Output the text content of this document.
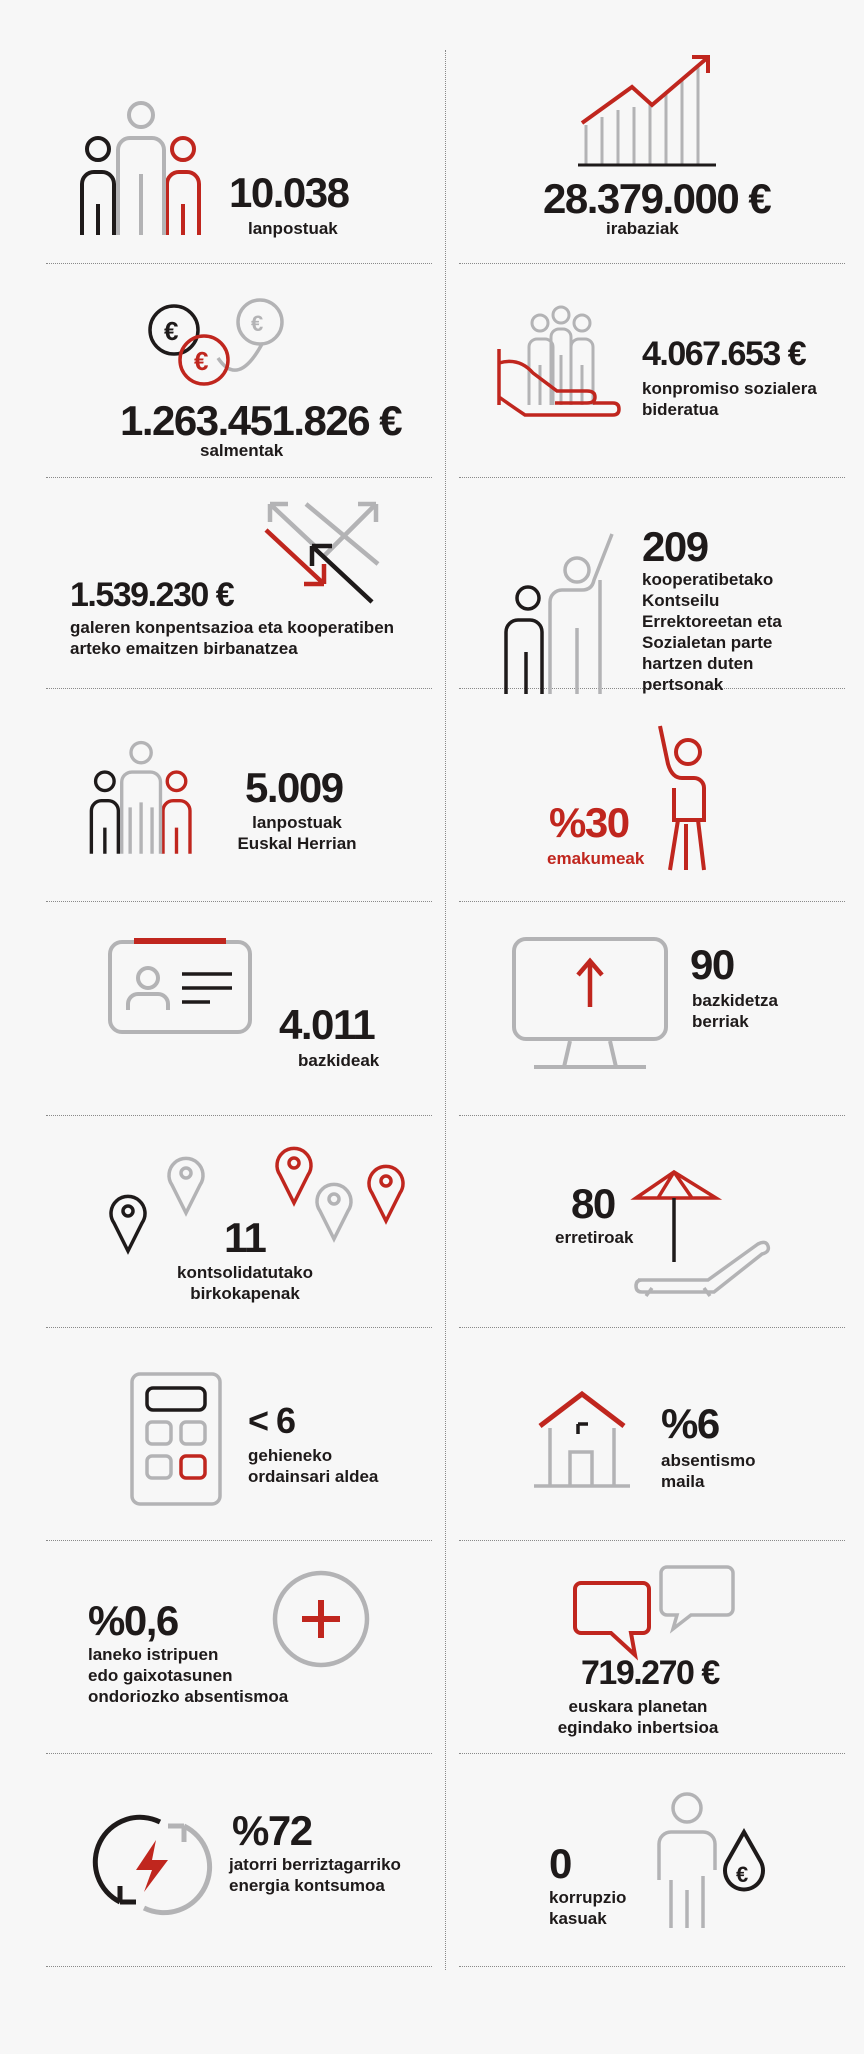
10.038
lanpostuak
28.379.000 €
irabaziak
€
€
€
1.263.451.826 €
salmentak
4.067.653 €
konpromiso sozialera
bideratua
1.539.230 €
galeren konpentsazioa eta kooperatiben
arteko emaitzen birbanatzea
209
kooperatibetako
Kontseilu
Errektoreetan eta
Sozialetan parte
hartzen duten
pertsonak
5.009
lanpostuak
Euskal Herrian	%30
emakumeak
4.011
bazkideak
90
bazkidetza
berriak
11
kontsolidatutako
birkokapenak
80
erretiroak
< 6
gehieneko
ordainsari aldea
%6
absentismo
maila
%0,6
laneko istripuen
edo gaixotasunen
ondoriozko absentismoa
719.270 €
euskara planetan
egindako inbertsioa
%72
jatorri berriztagarriko
energia kontsumoa	€
0
korrupzio
kasuak
